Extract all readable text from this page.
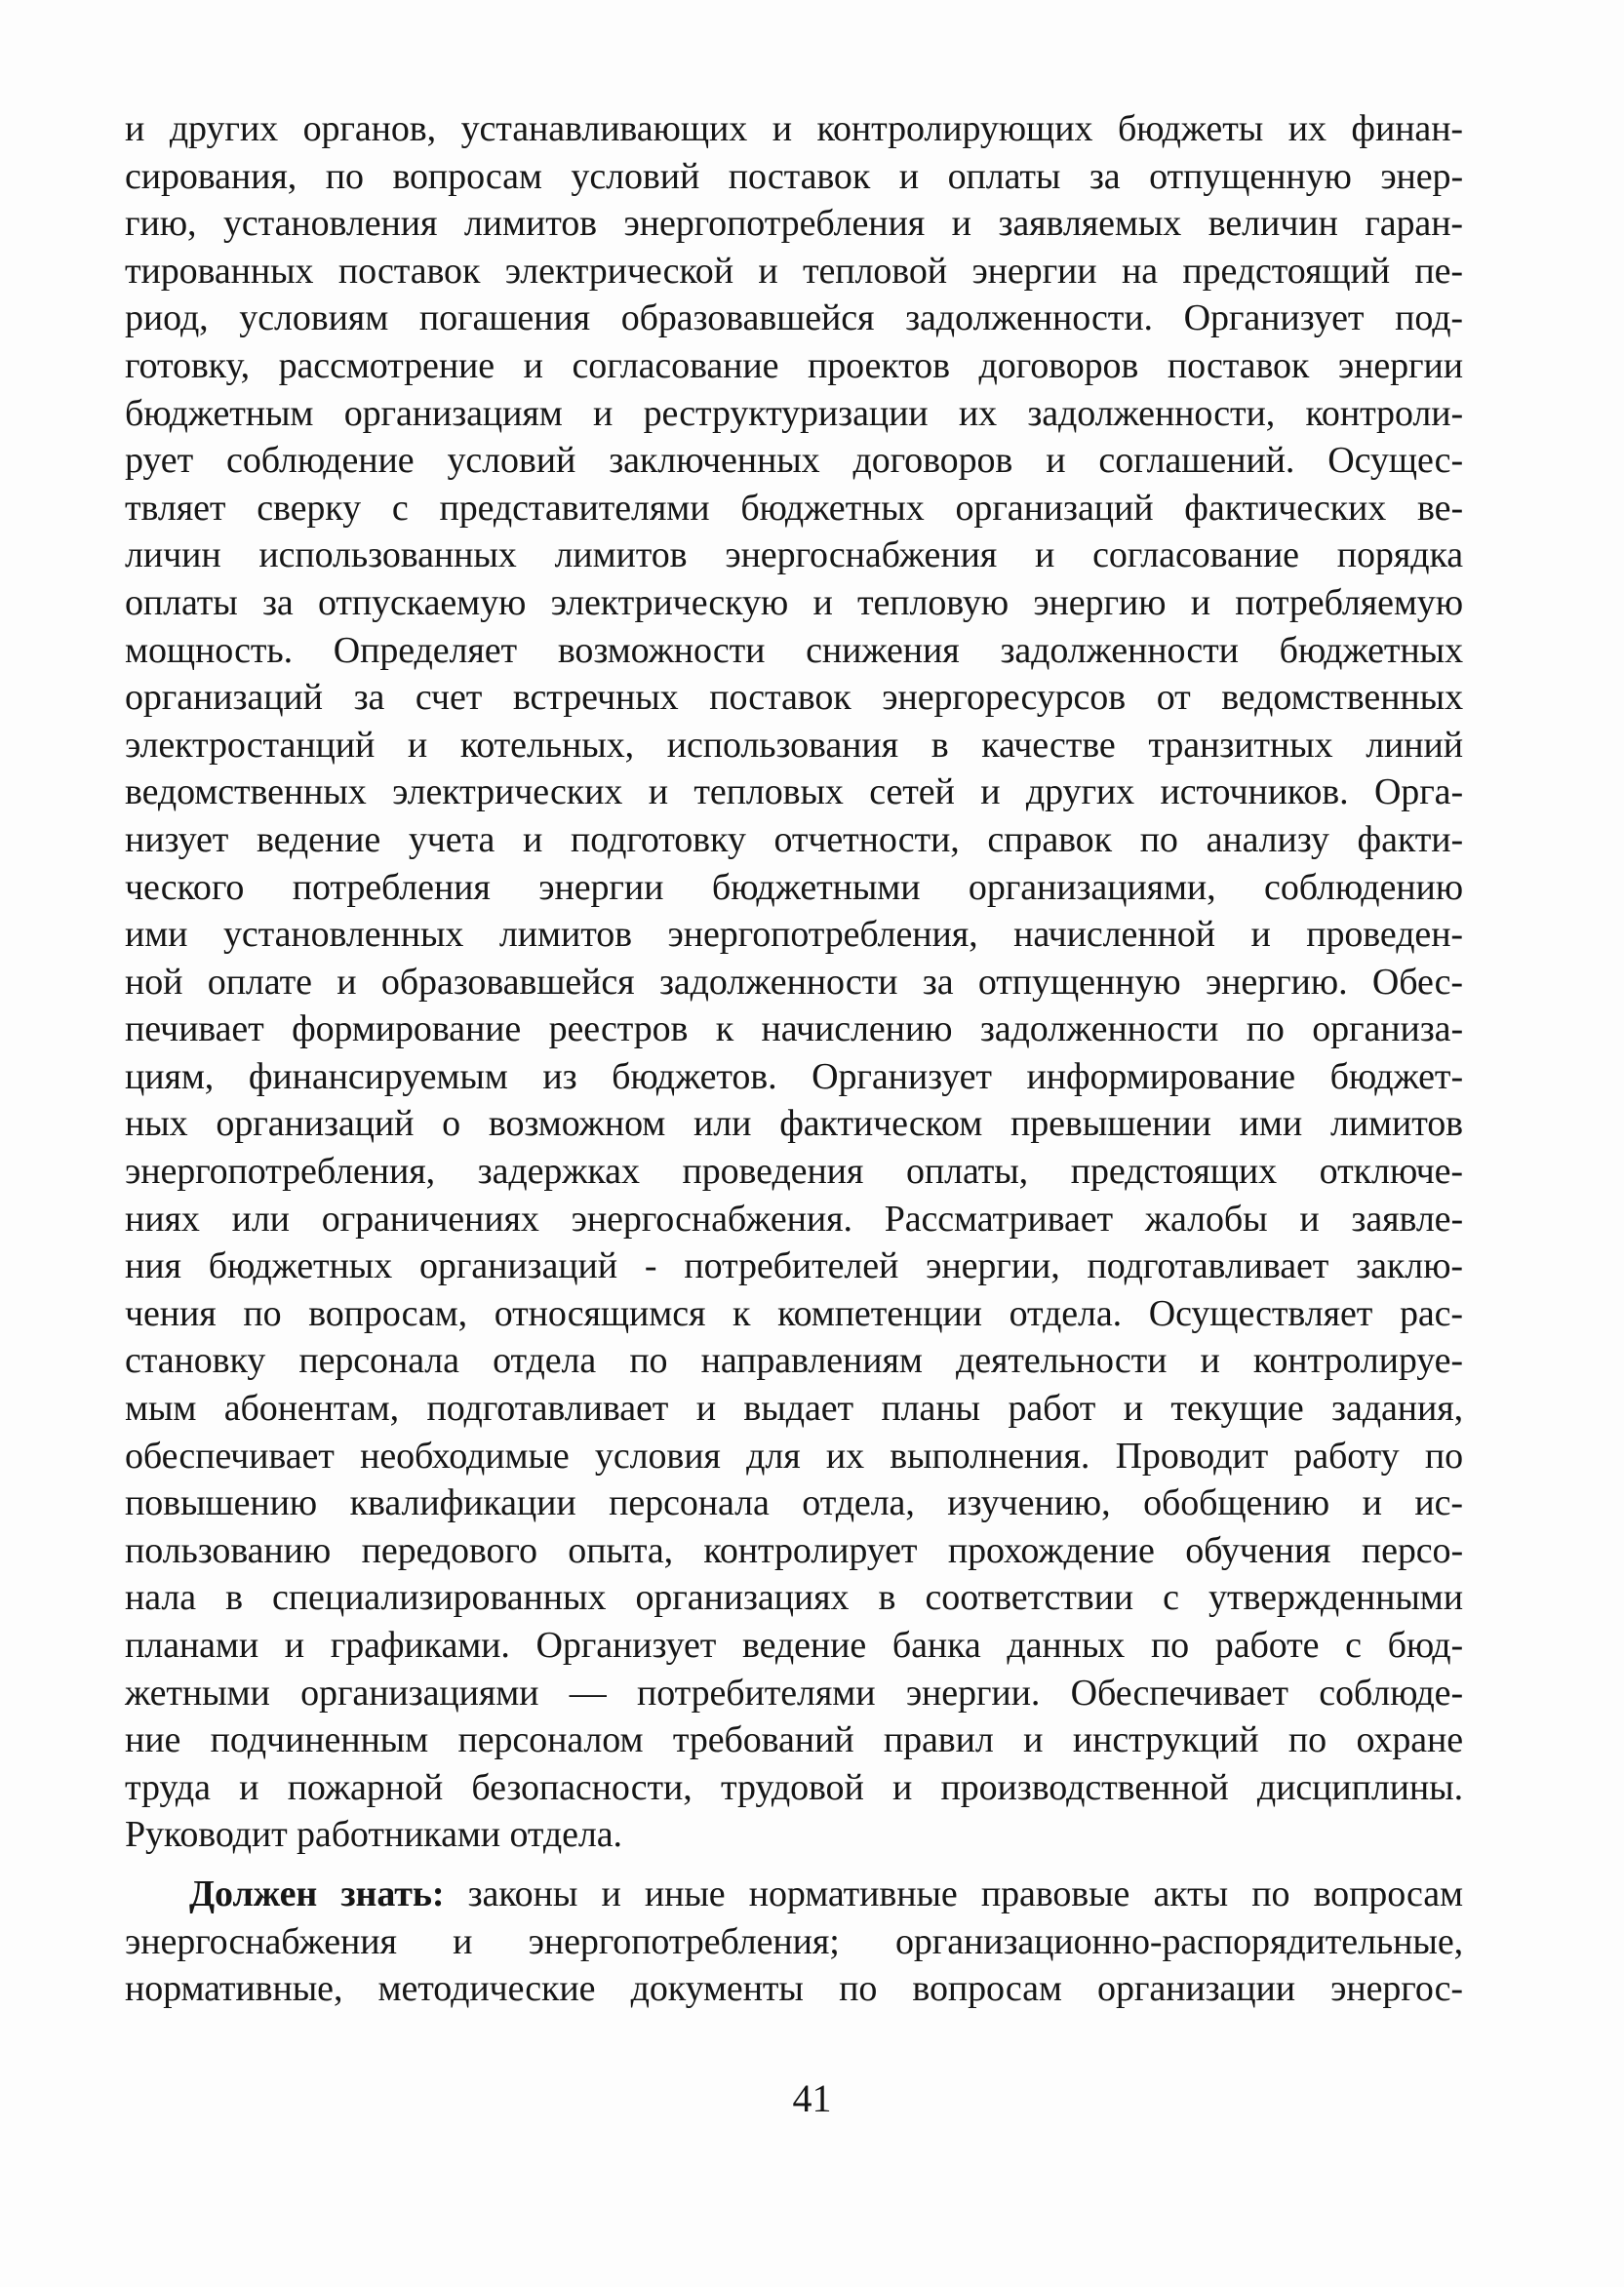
и других органов, устанавливающих и контролирующих бюджеты их финан-
сирования, по вопросам условий поставок и оплаты за отпущенную энер-
гию, установления лимитов энергопотребления и заявляемых величин гаран-
тированных поставок электрической и тепловой энергии на предстоящий пе-
риод, условиям погашения образовавшейся задолженности. Организует под-
готовку, рассмотрение и согласование проектов договоров поставок энергии
бюджетным организациям и реструктуризации их задолженности, контроли-
рует соблюдение условий заключенных договоров и соглашений. Осущес-
твляет сверку с представителями бюджетных организаций фактических ве-
личин использованных лимитов энергоснабжения и согласование порядка
оплаты за отпускаемую электрическую и тепловую энергию и потребляемую
мощность. Определяет возможности снижения задолженности бюджетных
организаций за счет встречных поставок энергоресурсов от ведомственных
электростанций и котельных, использования в качестве транзитных линий
ведомственных электрических и тепловых сетей и других источников. Орга-
низует ведение учета и подготовку отчетности, справок по анализу факти-
ческого потребления энергии бюджетными организациями, соблюдению
ими установленных лимитов энергопотребления, начисленной и проведен-
ной оплате и образовавшейся задолженности за отпущенную энергию. Обес-
печивает формирование реестров к начислению задолженности по организа-
циям, финансируемым из бюджетов. Организует информирование бюджет-
ных организаций о возможном или фактическом превышении ими лимитов
энергопотребления, задержках проведения оплаты, предстоящих отключе-
ниях или ограничениях энергоснабжения. Рассматривает жалобы и заявле-
ния бюджетных организаций - потребителей энергии, подготавливает заклю-
чения по вопросам, относящимся к компетенции отдела. Осуществляет рас-
становку персонала отдела по направлениям деятельности и контролируе-
мым абонентам, подготавливает и выдает планы работ и текущие задания,
обеспечивает необходимые условия для их выполнения. Проводит работу по
повышению квалификации персонала отдела, изучению, обобщению и ис-
пользованию передового опыта, контролирует прохождение обучения персо-
нала в специализированных организациях в соответствии с утвержденными
планами и графиками. Организует ведение банка данных по работе с бюд-
жетными организациями — потребителями энергии. Обеспечивает соблюде-
ние подчиненным персоналом требований правил и инструкций по охране
труда и пожарной безопасности, трудовой и производственной дисциплины.
Руководит работниками отдела.
Должен знать: законы и иные нормативные правовые акты по вопросам
энергоснабжения и энергопотребления; организационно-распорядительные,
нормативные, методические документы по вопросам организации энергос-
41
